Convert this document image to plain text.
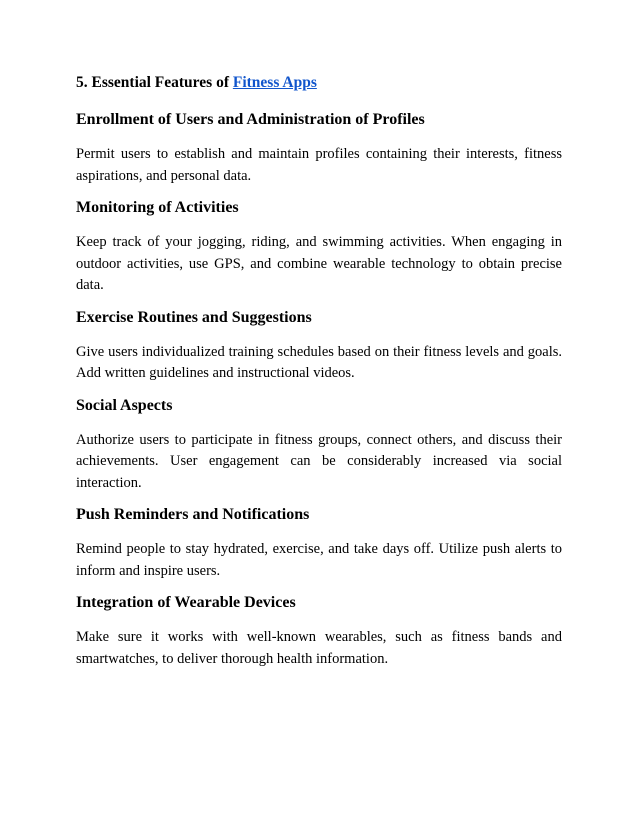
5. Essential Features of Fitness Apps
Enrollment of Users and Administration of Profiles

Permit users to establish and maintain profiles containing their interests, fitness aspirations, and personal data.

Monitoring of Activities

Keep track of your jogging, riding, and swimming activities. When engaging in outdoor activities, use GPS, and combine wearable technology to obtain precise data.

Exercise Routines and Suggestions

Give users individualized training schedules based on their fitness levels and goals. Add written guidelines and instructional videos.

Social Aspects

Authorize users to participate in fitness groups, connect others, and discuss their achievements. User engagement can be considerably increased via social interaction.

Push Reminders and Notifications

Remind people to stay hydrated, exercise, and take days off. Utilize push alerts to inform and inspire users.

Integration of Wearable Devices

Make sure it works with well-known wearables, such as fitness bands and smartwatches, to deliver thorough health information.
